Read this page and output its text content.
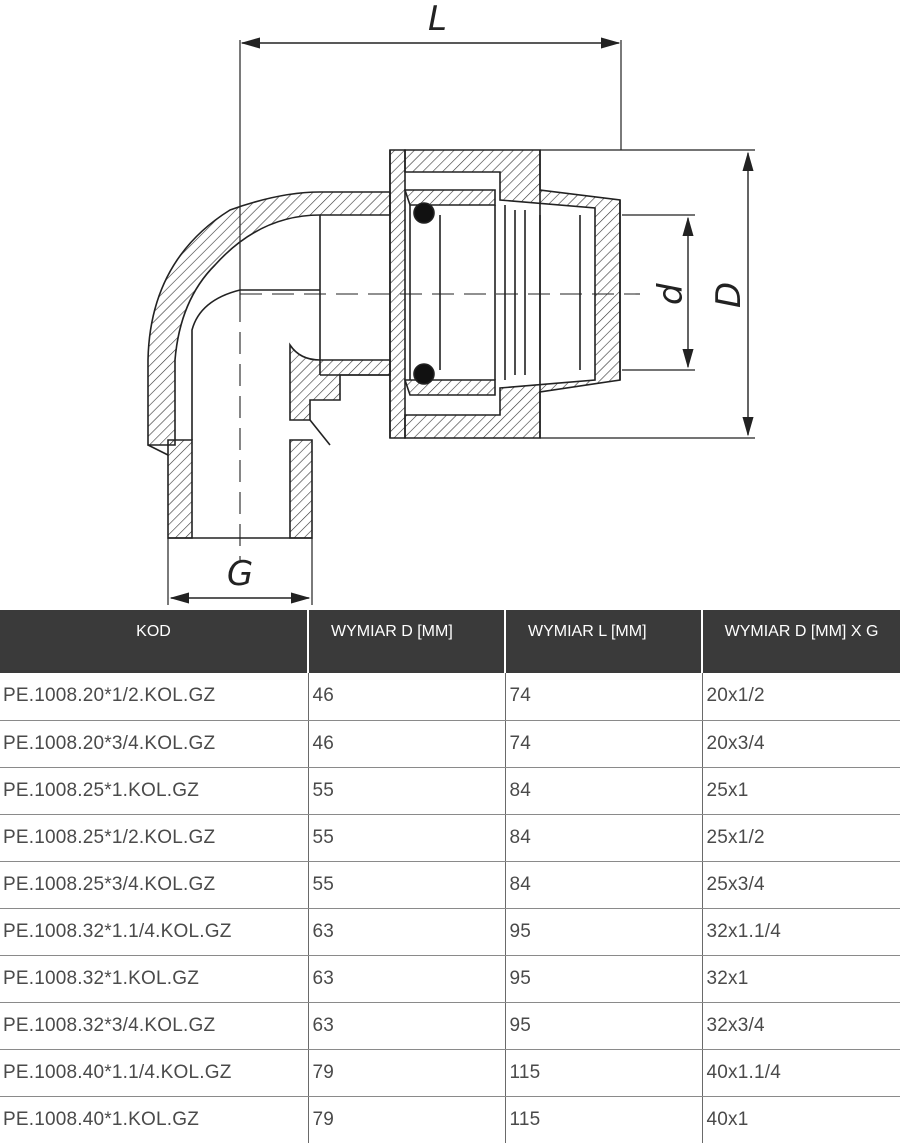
L
G
d D
KOD	WYMIAR D [MM]	WYMIAR L [MM]	WYMIAR D [MM] X G
PE.1008.20*1/2.KOL.GZ	46	74	20x1/2
PE.1008.20*3/4.KOL.GZ	46	74	20x3/4
PE.1008.25*1.KOL.GZ	55	84	25x1
PE.1008.25*1/2.KOL.GZ	55	84	25x1/2
PE.1008.25*3/4.KOL.GZ	55	84	25x3/4
PE.1008.32*1.1/4.KOL.GZ	63	95	32x1.1/4
PE.1008.32*1.KOL.GZ	63	95	32x1
PE.1008.32*3/4.KOL.GZ	63	95	32x3/4
PE.1008.40*1.1/4.KOL.GZ	79	115	40x1.1/4
PE.1008.40*1.KOL.GZ	79	115	40x1
